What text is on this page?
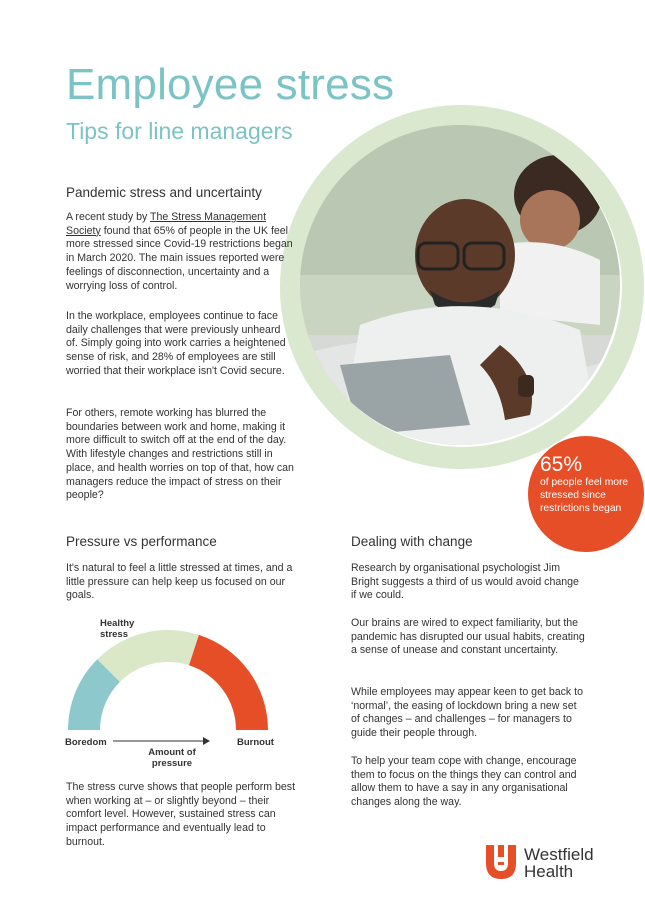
Employee stress
Tips for line managers
65%
of people feel more stressed since restrictions began
Pandemic stress and uncertainty
A recent study by The Stress Management Society found that 65% of people in the UK feel more stressed since Covid-19 restrictions began in March 2020. The main issues reported were feelings of disconnection, uncertainty and a worrying loss of control.
In the workplace, employees continue to face daily challenges that were previously unheard of. Simply going into work carries a heightened sense of risk, and 28% of employees are still worried that their workplace isn't Covid secure.
For others, remote working has blurred the boundaries between work and home, making it more difficult to switch off at the end of the day. With lifestyle changes and restrictions still in place, and health worries on top of that, how can managers reduce the impact of stress on their people?
Pressure vs performance
It's natural to feel a little stressed at times, and a little pressure can help keep us focused on our goals.
Healthy stress
Boredom	Burnout
Amount of pressure
The stress curve shows that people perform best when working at – or slightly beyond – their comfort level. However, sustained stress can impact performance and eventually lead to burnout.
Dealing with change
Research by organisational psychologist Jim Bright suggests a third of us would avoid change if we could.
Our brains are wired to expect familiarity, but the pandemic has disrupted our usual habits, creating a sense of unease and constant uncertainty.
While employees may appear keen to get back to ‘normal’, the easing of lockdown bring a new set of changes – and challenges – for managers to guide their people through.
To help your team cope with change, encourage them to focus on the things they can control and allow them to have a say in any organisational changes along the way.
Westfield
Health
